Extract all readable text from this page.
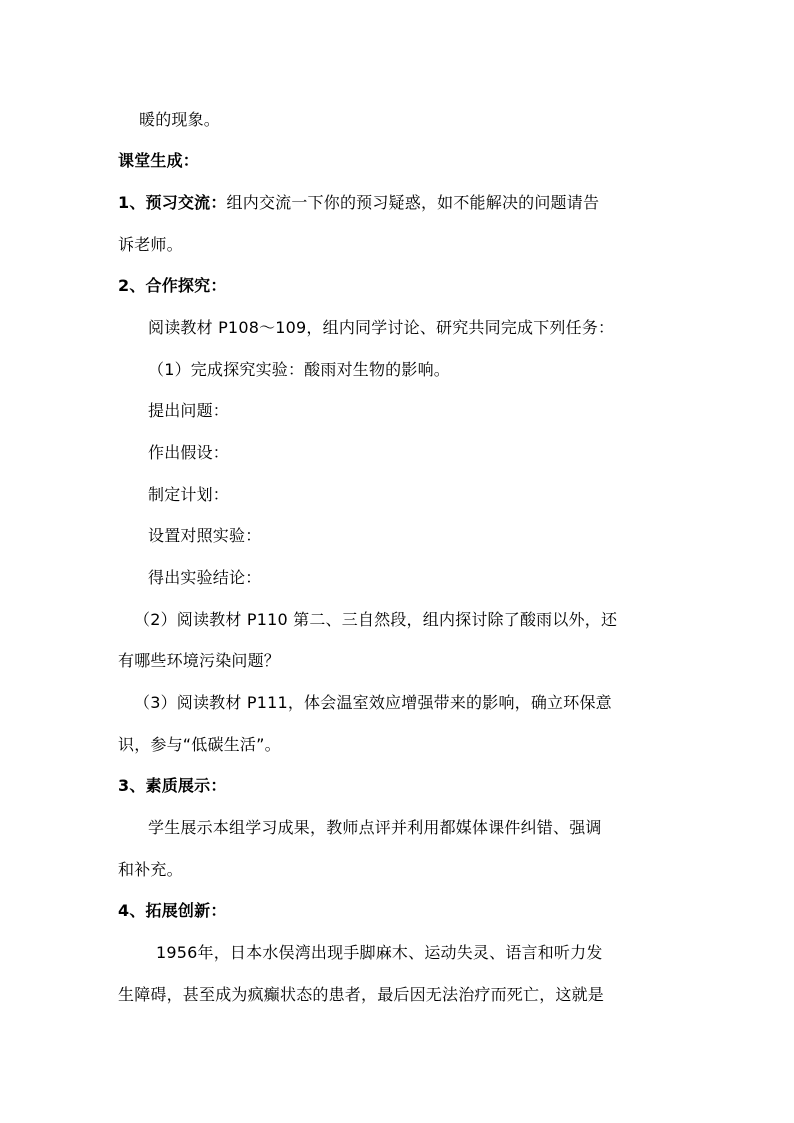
暖的现象。
课堂生成：
1、预习交流：组内交流一下你的预习疑惑，如不能解决的问题请告
诉老师。
2、合作探究：
阅读教材 P108～109，组内同学讨论、研究共同完成下列任务：
（1）完成探究实验：酸雨对生物的影响。
提出问题：
作出假设：
制定计划：
设置对照实验：
得出实验结论：
（2）阅读教材 P110 第二、三自然段，组内探讨除了酸雨以外，还
有哪些环境污染问题？
（3）阅读教材 P111，体会温室效应增强带来的影响，确立环保意
识，参与“低碳生活”。
3、素质展示：
学生展示本组学习成果，教师点评并利用都媒体课件纠错、强调
和补充。
4、拓展创新：
1956年，日本水俣湾出现手脚麻木、运动失灵、语言和听力发
生障碍，甚至成为疯癫状态的患者，最后因无法治疗而死亡，这就是
